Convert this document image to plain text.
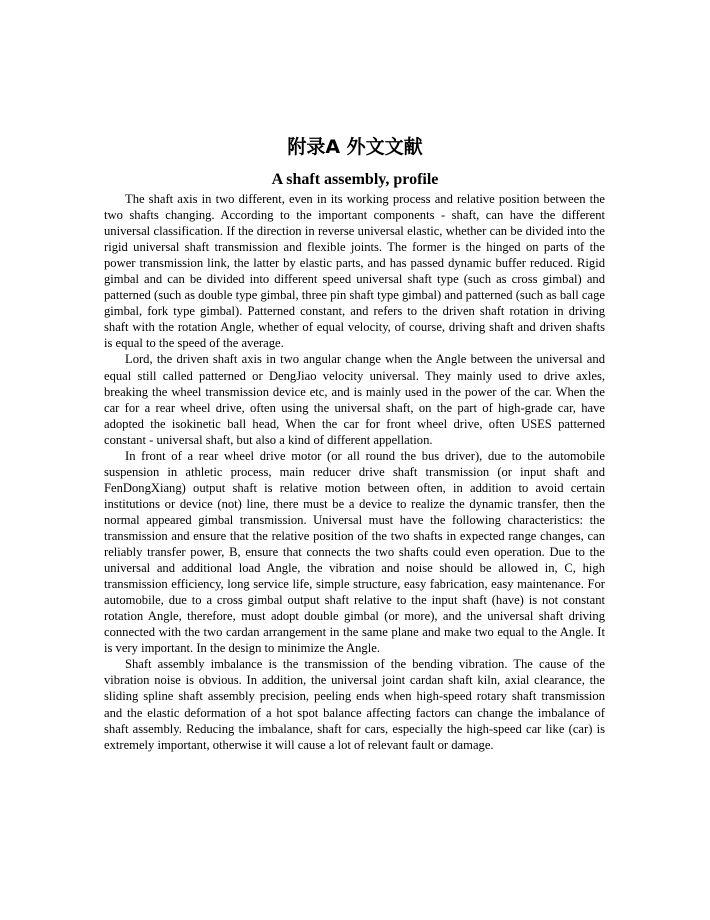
附录A 外文文献
A shaft assembly, profile

The shaft axis in two different, even in its working process and relative position between the two shafts changing. According to the important components - shaft, can have the different universal classification. If the direction in reverse universal elastic, whether can be divided into the rigid universal shaft transmission and flexible joints. The former is the hinged on parts of the power transmission link, the latter by elastic parts, and has passed dynamic buffer reduced. Rigid gimbal and can be divided into different speed universal shaft type (such as cross gimbal) and patterned (such as double type gimbal, three pin shaft type gimbal) and patterned (such as ball cage gimbal, fork type gimbal). Patterned constant, and refers to the driven shaft rotation in driving shaft with the rotation Angle, whether of equal velocity, of course, driving shaft and driven shafts is equal to the speed of the average.

Lord, the driven shaft axis in two angular change when the Angle between the universal and equal still called patterned or DengJiao velocity universal. They mainly used to drive axles, breaking the wheel transmission device etc, and is mainly used in the power of the car. When the car for a rear wheel drive, often using the universal shaft, on the part of high-grade car, have adopted the isokinetic ball head, When the car for front wheel drive, often USES patterned constant - universal shaft, but also a kind of different appellation.

In front of a rear wheel drive motor (or all round the bus driver), due to the automobile suspension in athletic process, main reducer drive shaft transmission (or input shaft and FenDongXiang) output shaft is relative motion between often, in addition to avoid certain institutions or device (not) line, there must be a device to realize the dynamic transfer, then the normal appeared gimbal transmission. Universal must have the following characteristics: the transmission and ensure that the relative position of the two shafts in expected range changes, can reliably transfer power, B, ensure that connects the two shafts could even operation. Due to the universal and additional load Angle, the vibration and noise should be allowed in, C, high transmission efficiency, long service life, simple structure, easy fabrication, easy maintenance. For automobile, due to a cross gimbal output shaft relative to the input shaft (have) is not constant rotation Angle, therefore, must adopt double gimbal (or more), and the universal shaft driving connected with the two cardan arrangement in the same plane and make two equal to the Angle. It is very important. In the design to minimize the Angle.

Shaft assembly imbalance is the transmission of the bending vibration. The cause of the vibration noise is obvious. In addition, the universal joint cardan shaft kiln, axial clearance, the sliding spline shaft assembly precision, peeling ends when high-speed rotary shaft transmission and the elastic deformation of a hot spot balance affecting factors can change the imbalance of shaft assembly. Reducing the imbalance, shaft for cars, especially the high-speed car like (car) is extremely important, otherwise it will cause a lot of relevant fault or damage.
